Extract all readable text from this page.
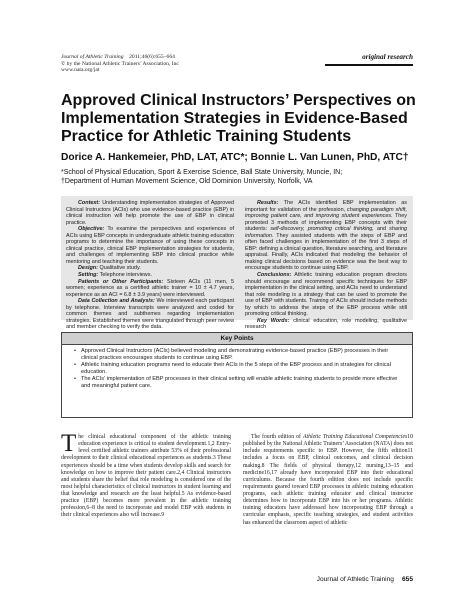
Journal of Athletic Training 2011;46(6):655–664
© by the National Athletic Trainers’ Association, Inc
www.nata.org/jat
original research
Approved Clinical Instructors’ Perspectives on Implementation Strategies in Evidence-Based Practice for Athletic Training Students
Dorice A. Hankemeier, PhD, LAT, ATC*; Bonnie L. Van Lunen, PhD, ATC†
*School of Physical Education, Sport & Exercise Science, Ball State University, Muncie, IN;
†Department of Human Movement Science, Old Dominion University, Norfolk, VA

Context: Understanding implementation strategies of Approved Clinical Instructors (ACIs) who use evidence-based practice (EBP) in clinical instruction will help promote the use of EBP in clinical practice.

Objective: To examine the perspectives and experiences of ACIs using EBP concepts in undergraduate athletic training education programs to determine the importance of using these concepts in clinical practice, clinical EBP implementation strategies for students, and challenges of implementing EBP into clinical practice while mentoring and teaching their students.

Design: Qualitative study.

Setting: Telephone interviews.

Patients or Other Participants: Sixteen ACIs (11 men, 5 women; experience as a certified athletic trainer = 10 ± 4.7 years, experience as an ACI = 6.8 ± 3.9 years) were interviewed.

Data Collection and Analysis: We interviewed each participant by telephone. Interview transcripts were analyzed and coded for common themes and subthemes regarding implementation strategies. Established themes were triangulated through peer review and member checking to verify the data.

Results: The ACIs identified EBP implementation as important for validation of the profession, changing paradigm shift, improving patient care, and improving student experiences. They promoted 3 methods of implementing EBP concepts with their students: self-discovery, promoting critical thinking, and sharing information. They assisted students with the steps of EBP and often faced challenges in implementation of the first 3 steps of EBP: defining a clinical question, literature searching, and literature appraisal. Finally, ACIs indicated that modeling the behavior of making clinical decisions based on evidence was the best way to encourage students to continue using EBP.

Conclusions: Athletic training education program directors should encourage and recommend specific techniques for EBP implementation in the clinical setting, and ACIs need to understand that role modeling is a strategy that can be used to promote the use of EBP with students. Training of ACIs should include methods by which to address the steps of the EBP process while still promoting critical thinking.

Key Words: clinical education, role modeling, qualitative research

Key Points
• Approved Clinical Instructors (ACIs) believed modeling and demonstrating evidence-based practice (EBP) processes in their clinical practices encourages students to continue using EBP.
• Athletic training education programs need to educate their ACIs in the 5 steps of the EBP process and in strategies for clinical education.
• The ACIs’ implementation of EBP processes in their clinical setting will enable athletic training students to provide more effective and meaningful patient care.

The clinical educational component of the athletic training education experience is critical to student development.1,2 Entry-level certified athletic trainers attribute 53% of their professional development to their clinical educational experiences as students.3 These experiences should be a time when students develop skills and search for knowledge on how to improve their patient care.2,4 Clinical instructors and students share the belief that role modeling is considered one of the most helpful characteristics of clinical instructors in student learning and that knowledge and research are the least helpful.5 As evidence-based practice (EBP) becomes more prevalent in the athletic training profession,6–8 the need to incorporate and model EBP with students in their clinical experiences also will increase.9

The fourth edition of Athletic Training Educational Competencies10 published by the National Athletic Trainers’ Association (NATA) does not include requirements specific to EBP. However, the fifth edition11 includes a focus on EBP, clinical outcomes, and clinical decision making.8 The fields of physical therapy,12 nursing,13–15 and medicine16,17 already have incorporated EBP into their educational curriculums. Because the fourth edition does not include specific requirements geared toward EBP processes in athletic training education programs, each athletic training educator and clinical instructor determines how to incorporate EBP into his or her programs. Athletic training educators have addressed how incorporating EBP through a curricular emphasis, specific teaching strategies, and student activities has enhanced the classroom aspect of athletic

Journal of Athletic Training 655
